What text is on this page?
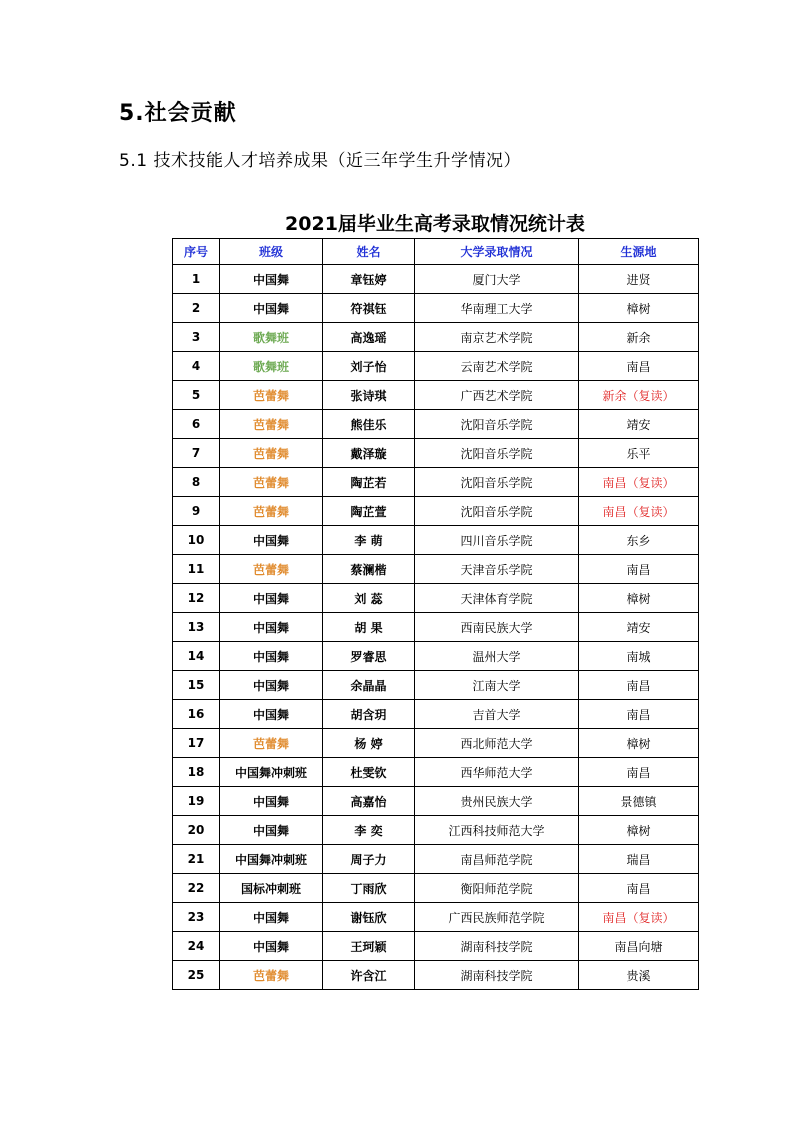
5.社会贡献
5.1 技术技能人才培养成果（近三年学生升学情况）
2021届毕业生高考录取情况统计表
序号	班级	姓名	大学录取情况	生源地
1	中国舞	章钰婷	厦门大学	进贤
2	中国舞	符祺钰	华南理工大学	樟树
3	歌舞班	高逸瑶	南京艺术学院	新余
4	歌舞班	刘子怡	云南艺术学院	南昌
5	芭蕾舞	张诗琪	广西艺术学院	新余（复读）
6	芭蕾舞	熊佳乐	沈阳音乐学院	靖安
7	芭蕾舞	戴泽璇	沈阳音乐学院	乐平
8	芭蕾舞	陶芷若	沈阳音乐学院	南昌（复读）
9	芭蕾舞	陶芷萱	沈阳音乐学院	南昌（复读）
10	中国舞	李 萌	四川音乐学院	东乡
11	芭蕾舞	蔡澜楷	天津音乐学院	南昌
12	中国舞	刘 蕊	天津体育学院	樟树
13	中国舞	胡 果	西南民族大学	靖安
14	中国舞	罗睿思	温州大学	南城
15	中国舞	余晶晶	江南大学	南昌
16	中国舞	胡含玥	吉首大学	南昌
17	芭蕾舞	杨 婷	西北师范大学	樟树
18	中国舞冲刺班	杜雯钦	西华师范大学	南昌
19	中国舞	高嘉怡	贵州民族大学	景德镇
20	中国舞	李 奕	江西科技师范大学	樟树
21	中国舞冲刺班	周子力	南昌师范学院	瑞昌
22	国标冲刺班	丁雨欣	衡阳师范学院	南昌
23	中国舞	谢钰欣	广西民族师范学院	南昌（复读）
24	中国舞	王珂颖	湖南科技学院	南昌向塘
25	芭蕾舞	许含江	湖南科技学院	贵溪
